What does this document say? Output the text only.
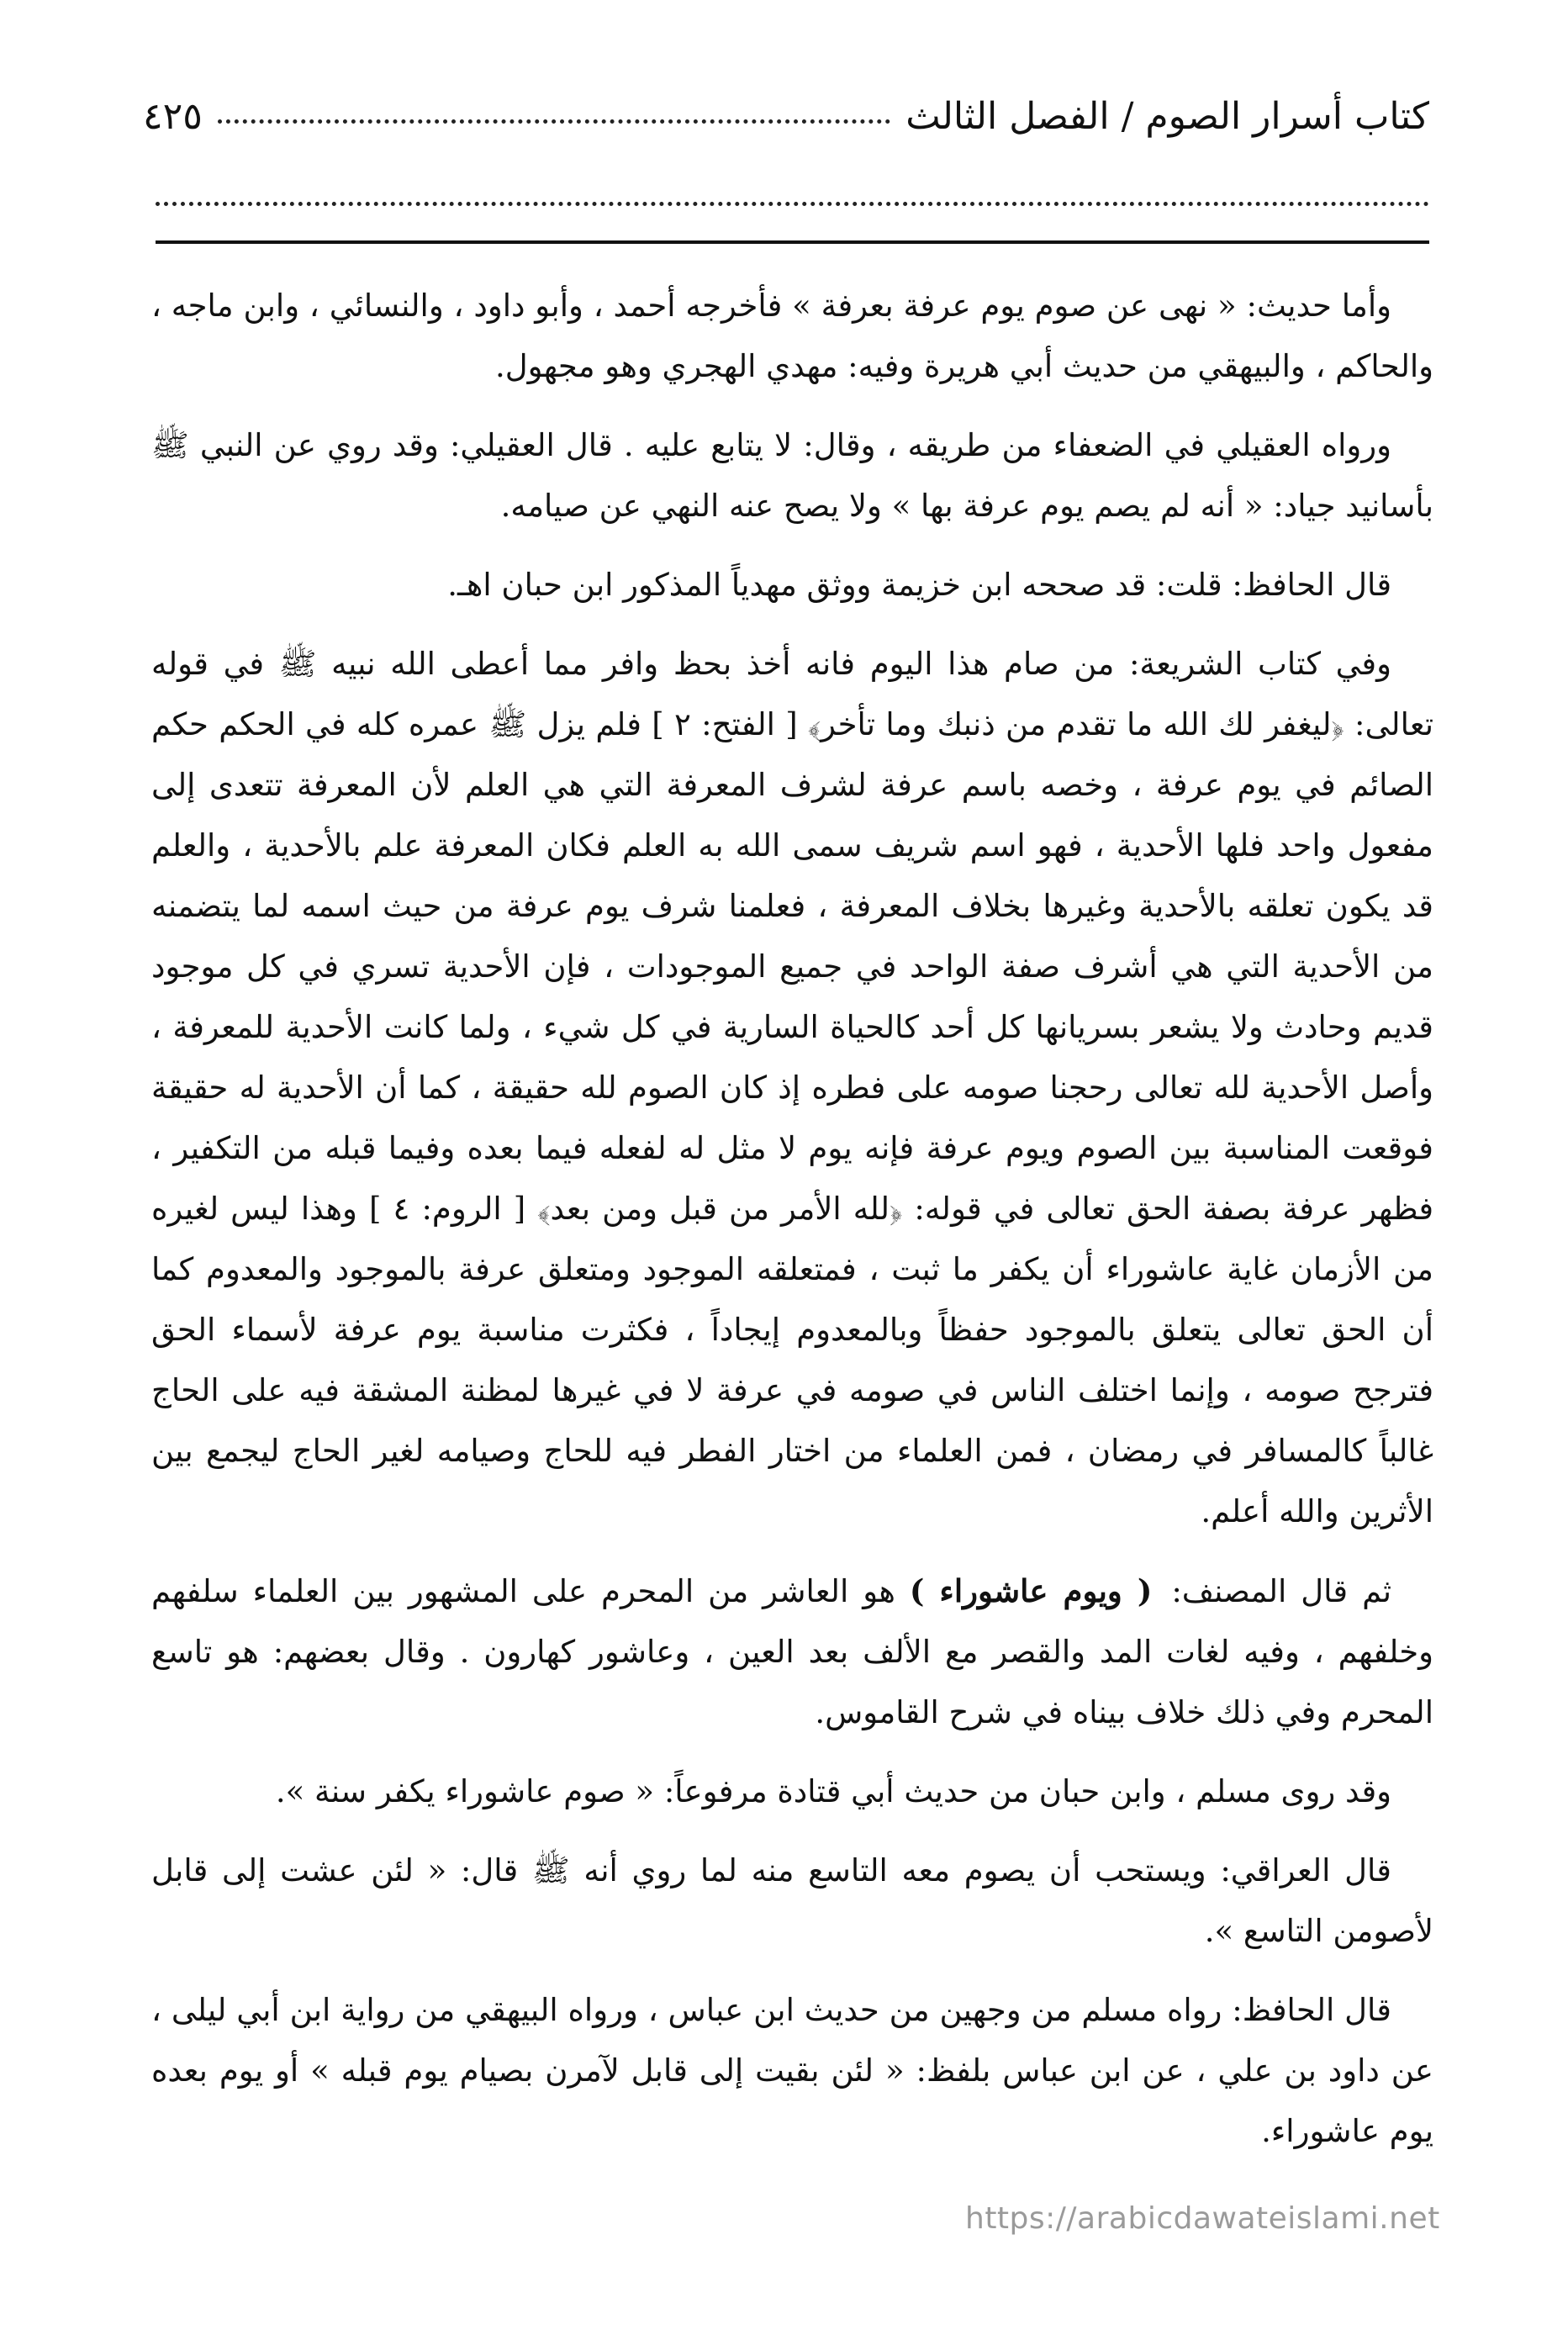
كتاب أسرار الصوم / الفصل الثالث
٤٢٥

وأما حديث: « نهى عن صوم يوم عرفة بعرفة » فأخرجه أحمد ، وأبو داود ، والنسائي ، وابن ماجه ، والحاكم ، والبيهقي من حديث أبي هريرة وفيه: مهدي الهجري وهو مجهول.

ورواه العقيلي في الضعفاء من طريقه ، وقال: لا يتابع عليه . قال العقيلي: وقد روي عن النبي ﷺ بأسانيد جياد: « أنه لم يصم يوم عرفة بها » ولا يصح عنه النهي عن صيامه.

قال الحافظ: قلت: قد صححه ابن خزيمة ووثق مهدياً المذكور ابن حبان اهـ.

وفي كتاب الشريعة: من صام هذا اليوم فانه أخذ بحظ وافر مما أعطى الله نبيه ﷺ في قوله تعالى: ﴿ليغفر لك الله ما تقدم من ذنبك وما تأخر﴾ [ الفتح: ٢ ] فلم يزل ﷺ عمره كله في الحكم حكم الصائم في يوم عرفة ، وخصه باسم عرفة لشرف المعرفة التي هي العلم لأن المعرفة تتعدى إلى مفعول واحد فلها الأحدية ، فهو اسم شريف سمى الله به العلم فكان المعرفة علم بالأحدية ، والعلم قد يكون تعلقه بالأحدية وغيرها بخلاف المعرفة ، فعلمنا شرف يوم عرفة من حيث اسمه لما يتضمنه من الأحدية التي هي أشرف صفة الواحد في جميع الموجودات ، فإن الأحدية تسري في كل موجود قديم وحادث ولا يشعر بسريانها كل أحد كالحياة السارية في كل شيء ، ولما كانت الأحدية للمعرفة ، وأصل الأحدية لله تعالى رحجنا صومه على فطره إذ كان الصوم لله حقيقة ، كما أن الأحدية له حقيقة فوقعت المناسبة بين الصوم ويوم عرفة فإنه يوم لا مثل له لفعله فيما بعده وفيما قبله من التكفير ، فظهر عرفة بصفة الحق تعالى في قوله: ﴿لله الأمر من قبل ومن بعد﴾ [ الروم: ٤ ] وهذا ليس لغيره من الأزمان غاية عاشوراء أن يكفر ما ثبت ، فمتعلقه الموجود ومتعلق عرفة بالموجود والمعدوم كما أن الحق تعالى يتعلق بالموجود حفظاً وبالمعدوم إيجاداً ، فكثرت مناسبة يوم عرفة لأسماء الحق فترجح صومه ، وإنما اختلف الناس في صومه في عرفة لا في غيرها لمظنة المشقة فيه على الحاج غالباً كالمسافر في رمضان ، فمن العلماء من اختار الفطر فيه للحاج وصيامه لغير الحاج ليجمع بين الأثرين والله أعلم.

ثم قال المصنف: ( ويوم عاشوراء ) هو العاشر من المحرم على المشهور بين العلماء سلفهم وخلفهم ، وفيه لغات المد والقصر مع الألف بعد العين ، وعاشور كهارون . وقال بعضهم: هو تاسع المحرم وفي ذلك خلاف بيناه في شرح القاموس.

وقد روى مسلم ، وابن حبان من حديث أبي قتادة مرفوعاً: « صوم عاشوراء يكفر سنة ».

قال العراقي: ويستحب أن يصوم معه التاسع منه لما روي أنه ﷺ قال: « لئن عشت إلى قابل لأصومن التاسع ».

قال الحافظ: رواه مسلم من وجهين من حديث ابن عباس ، ورواه البيهقي من رواية ابن أبي ليلى ، عن داود بن علي ، عن ابن عباس بلفظ: « لئن بقيت إلى قابل لآمرن بصيام يوم قبله » أو يوم بعده يوم عاشوراء.

https://arabicdawateislami.net
